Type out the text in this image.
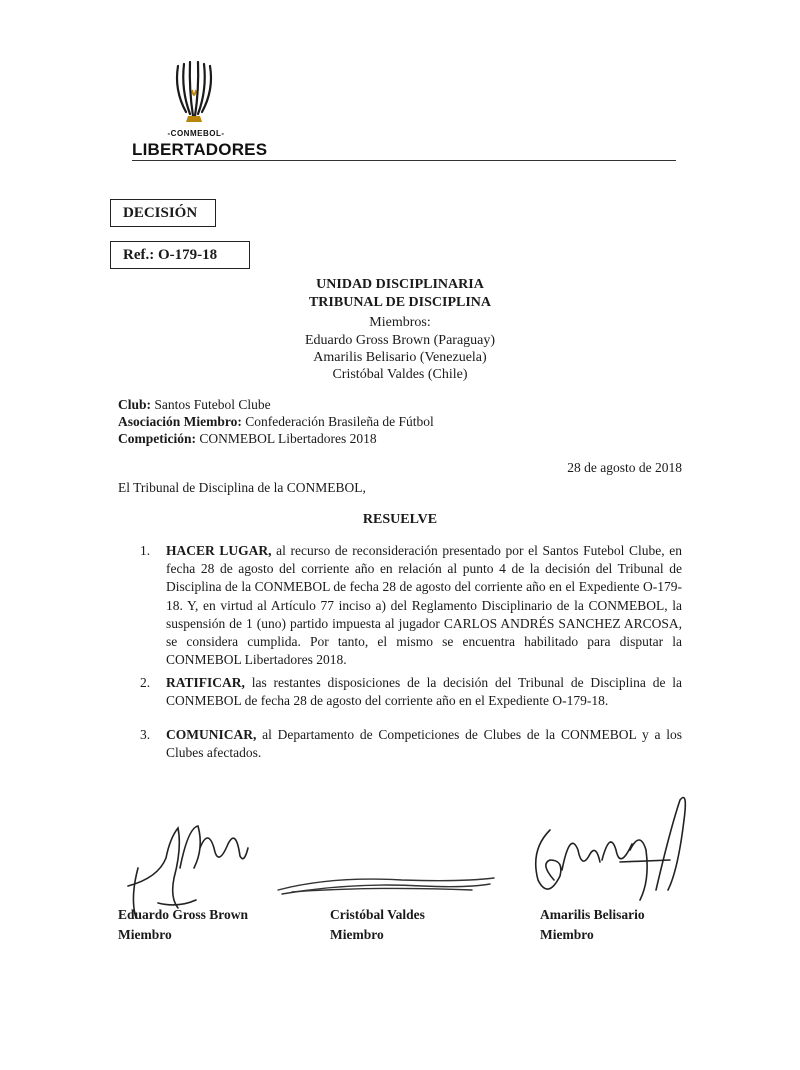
-CONMEBOL-
LIBERTADORES
DECISIÓN
Ref.: O-179-18
UNIDAD DISCIPLINARIA
TRIBUNAL DE DISCIPLINA
Miembros:
Eduardo Gross Brown (Paraguay)
Amarilis Belisario (Venezuela)
Cristóbal Valdes (Chile)
Club: Santos Futebol Clube
Asociación Miembro: Confederación Brasileña de Fútbol
Competición: CONMEBOL Libertadores 2018
28 de agosto de 2018
El Tribunal de Disciplina de la CONMEBOL,
RESUELVE
1.	HACER LUGAR, al recurso de reconsideración presentado por el Santos Futebol Clube, en fecha 28 de agosto del corriente año en relación al punto 4 de la decisión del Tribunal de Disciplina de la CONMEBOL de fecha 28 de agosto del corriente año en el Expediente O-179-18. Y, en virtud al Artículo 77 inciso a) del Reglamento Disciplinario de la CONMEBOL, la suspensión de 1 (uno) partido impuesta al jugador CARLOS ANDRÉS SANCHEZ ARCOSA, se considera cumplida. Por tanto, el mismo se encuentra habilitado para disputar la CONMEBOL Libertadores 2018.
2.	RATIFICAR, las restantes disposiciones de la decisión del Tribunal de Disciplina de la CONMEBOL de fecha 28 de agosto del corriente año en el Expediente O-179-18.
3.	COMUNICAR, al Departamento de Competiciones de Clubes de la CONMEBOL y a los Clubes afectados.
Eduardo Gross Brown
Miembro
Cristóbal Valdes
Miembro
Amarilis Belisario
Miembro
